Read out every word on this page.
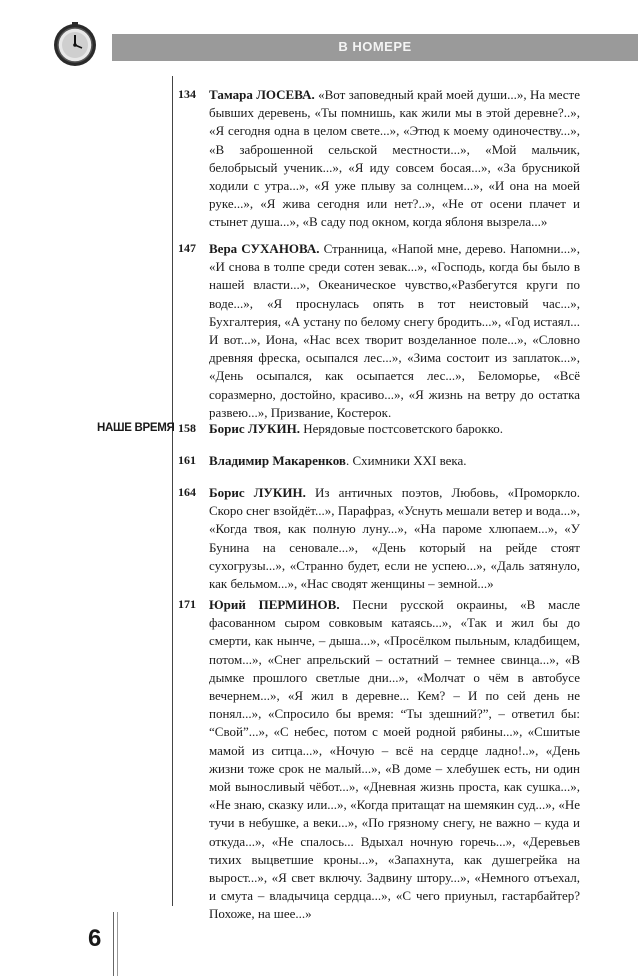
В НОМЕРЕ
НАШЕ ВРЕМЯ
134 Тамара ЛОСЕВА. «Вот заповедный край моей души...», На месте бывших деревень, «Ты помнишь, как жили мы в этой деревне?..», «Я сегодня одна в целом свете...», «Этюд к моему одиночеству...», «В заброшенной сельской местности...», «Мой мальчик, белобрысый ученик...», «Я иду совсем босая...», «За брусникой ходили с утра...», «Я уже плыву за солнцем...», «И она на моей руке...», «Я жива сегодня или нет?..», «Не от осени плачет и стынет душа...», «В саду под окном, когда яблоня вызрела...»
147 Вера СУХАНОВА. Странница, «Напой мне, дерево. Напомни...», «И снова в толпе среди сотен зевак...», «Господь, когда бы было в нашей власти...», Океаническое чувство,«Разбегутся круги по воде...», «Я проснулась опять в тот неистовый час...», Бухгалтерия, «А устану по белому снегу бродить...», «Год истаял... И вот...», Иона, «Нас всех творит возделанное поле...», «Словно древняя фреска, осыпался лес...», «Зима состоит из заплаток...», «День осыпался, как осыпается лес...», Беломорье, «Всё соразмерно, достойно, красиво...», «Я жизнь на ветру до остатка развею...», Призвание, Костерок.
158 Борис ЛУКИН. Нерядовые постсоветского барокко.
161 Владимир Макаренков. Схимники XXI века.
164 Борис ЛУКИН. Из античных поэтов, Любовь, «Проморкло. Скоро снег взойдёт...», Парафраз, «Уснуть мешали ветер и вода...», «Когда твоя, как полную луну...», «На пароме хлюпаем...», «У Бунина на сеновале...», «День который на рейде стоят сухогрузы...», «Странно будет, если не успею...», «Даль затянуло, как бельмом...», «Нас сводят женщины – земной...»
171 Юрий ПЕРМИНОВ. Песни русской окраины, «В масле фасованном сыром совковым катаясь...», «Так и жил бы до смерти, как нынче, – дыша...», «Просёлком пыльным, кладбищем, потом...», «Снег апрельский – остатний – темнее свинца...», «В дымке прошлого светлые дни...», «Молчат о чём в автобусе вечернем...», «Я жил в деревне... Кем? – И по сей день не понял...», «Спросило бы время: “Ты здешний?”, – ответил бы: “Свой”...», «С небес, потом с моей родной рябины...», «Сшитые мамой из ситца...», «Ночую – всё на сердце ладно!..», «День жизни тоже срок не малый...», «В доме – хлебушек есть, ни один мой выносливый чёбот...», «Дневная жизнь проста, как сушка...», «Не знаю, сказку или...», «Когда притащат на шемякин суд...», «Не тучи в небушке, а веки...», «По грязному снегу, не важно – куда и откуда...», «Не спалось... Вдыхал ночную горечь...», «Деревьев тихих выцветшие кроны...», «Запахнута, как душегрейка на вырост...», «Я свет включу. Задвину штору...», «Немного отъехал, и смута – владычица сердца...», «С чего приуныл, гастарбайтер? Похоже, на шее...»
6
